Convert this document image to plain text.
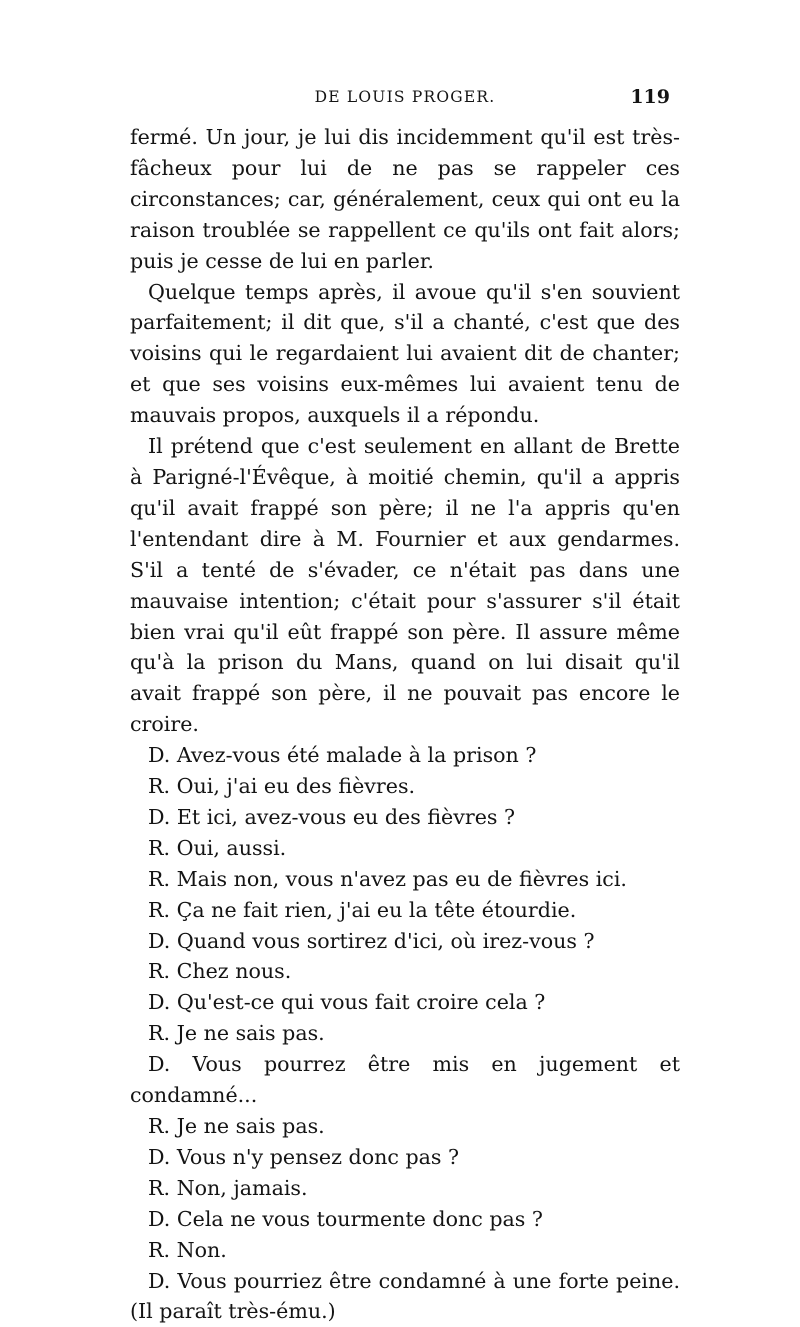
DE LOUIS PROGER.	119

fermé. Un jour, je lui dis incidemment qu'il est très-fâcheux pour lui de ne pas se rappeler ces circonstances; car, généralement, ceux qui ont eu la raison troublée se rappellent ce qu'ils ont fait alors; puis je cesse de lui en parler.

Quelque temps après, il avoue qu'il s'en souvient parfaitement; il dit que, s'il a chanté, c'est que des voisins qui le regardaient lui avaient dit de chanter; et que ses voisins eux-mêmes lui avaient tenu de mauvais propos, auxquels il a répondu.

Il prétend que c'est seulement en allant de Brette à Parigné-l'Évêque, à moitié chemin, qu'il a appris qu'il avait frappé son père; il ne l'a appris qu'en l'entendant dire à M. Fournier et aux gendarmes. S'il a tenté de s'évader, ce n'était pas dans une mauvaise intention; c'était pour s'assurer s'il était bien vrai qu'il eût frappé son père. Il assure même qu'à la prison du Mans, quand on lui disait qu'il avait frappé son père, il ne pouvait pas encore le croire.

D. Avez-vous été malade à la prison ?

R. Oui, j'ai eu des fièvres.

D. Et ici, avez-vous eu des fièvres ?

R. Oui, aussi.

R. Mais non, vous n'avez pas eu de fièvres ici.

R. Ça ne fait rien, j'ai eu la tête étourdie.

D. Quand vous sortirez d'ici, où irez-vous ?

R. Chez nous.

D. Qu'est-ce qui vous fait croire cela ?

R. Je ne sais pas.

D. Vous pourrez être mis en jugement et condamné...

R. Je ne sais pas.

D. Vous n'y pensez donc pas ?

R. Non, jamais.

D. Cela ne vous tourmente donc pas ?

R. Non.

D. Vous pourriez être condamné à une forte peine. (Il paraît très-ému.)
